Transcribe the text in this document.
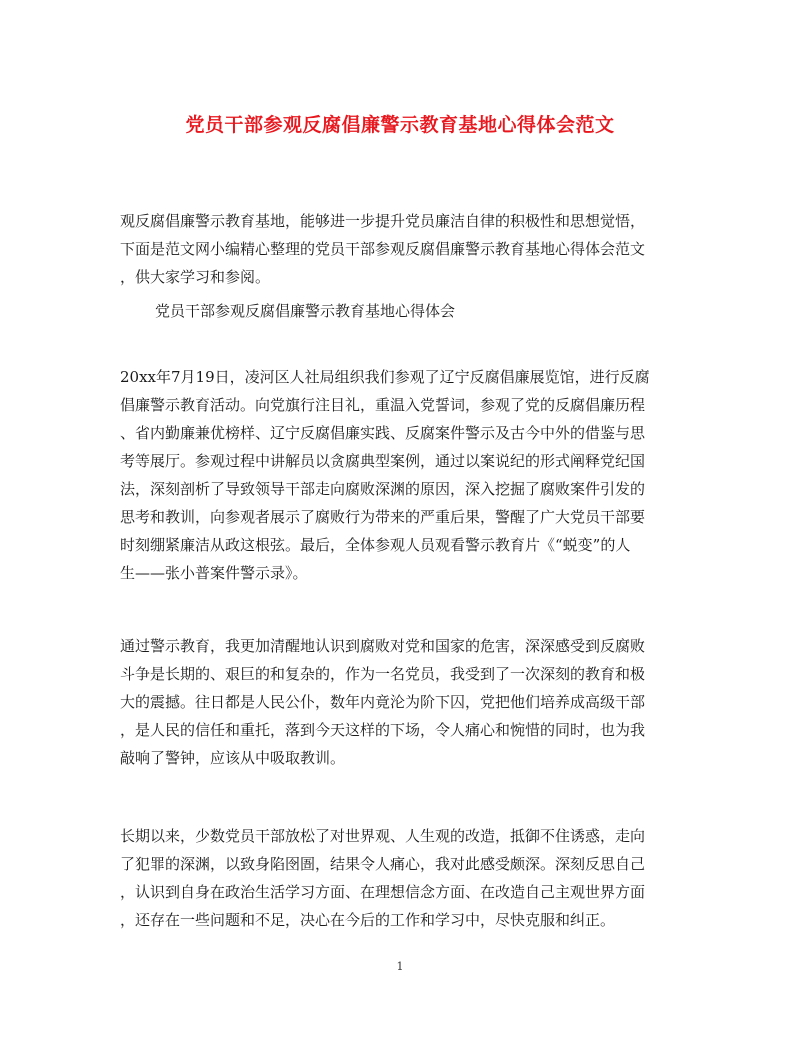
党员干部参观反腐倡廉警示教育基地心得体会范文
观反腐倡廉警示教育基地，能够进一步提升党员廉洁自律的积极性和思想觉悟，
下面是范文网小编精心整理的党员干部参观反腐倡廉警示教育基地心得体会范文
，供大家学习和参阅。
党员干部参观反腐倡廉警示教育基地心得体会
20xx年7月19日，凌河区人社局组织我们参观了辽宁反腐倡廉展览馆，进行反腐
倡廉警示教育活动。向党旗行注目礼，重温入党誓词，参观了党的反腐倡廉历程
、省内勤廉兼优榜样、辽宁反腐倡廉实践、反腐案件警示及古今中外的借鉴与思
考等展厅。参观过程中讲解员以贪腐典型案例，通过以案说纪的形式阐释党纪国
法，深刻剖析了导致领导干部走向腐败深渊的原因，深入挖掘了腐败案件引发的
思考和教训，向参观者展示了腐败行为带来的严重后果，警醒了广大党员干部要
时刻绷紧廉洁从政这根弦。最后，全体参观人员观看警示教育片《“蜕变”的人
生——张小普案件警示录》。
通过警示教育，我更加清醒地认识到腐败对党和国家的危害，深深感受到反腐败
斗争是长期的、艰巨的和复杂的，作为一名党员，我受到了一次深刻的教育和极
大的震撼。往日都是人民公仆，数年内竟沦为阶下囚，党把他们培养成高级干部
，是人民的信任和重托，落到今天这样的下场，令人痛心和惋惜的同时，也为我
敲响了警钟，应该从中吸取教训。
长期以来，少数党员干部放松了对世界观、人生观的改造，抵御不住诱惑，走向
了犯罪的深渊，以致身陷囹圄，结果令人痛心，我对此感受颇深。深刻反思自己
，认识到自身在政治生活学习方面、在理想信念方面、在改造自己主观世界方面
，还存在一些问题和不足，决心在今后的工作和学习中，尽快克服和纠正。
1
